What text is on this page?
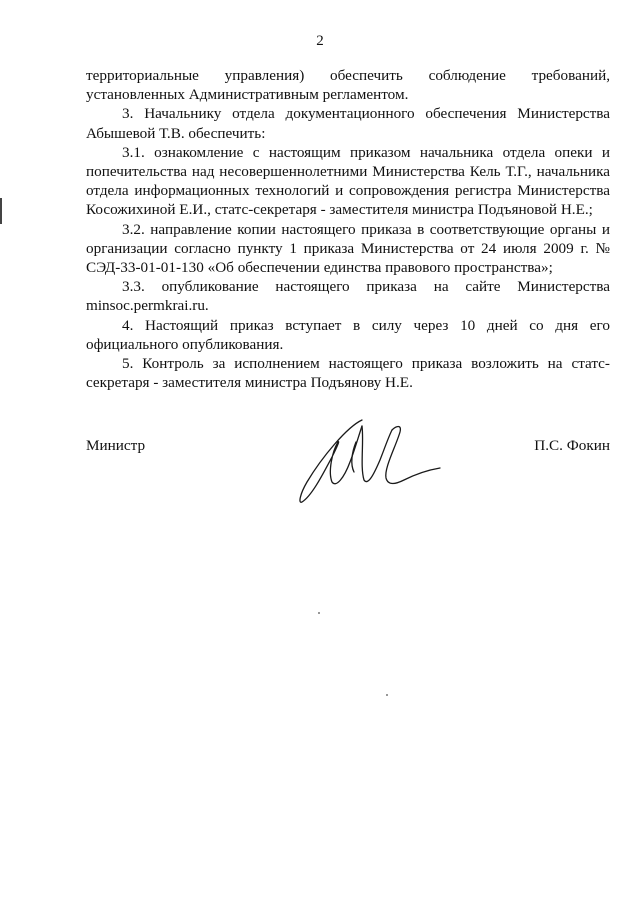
2

территориальные управления) обеспечить соблюдение требований, установленных Административным регламентом.

3. Начальнику отдела документационного обеспечения Министерства Абышевой Т.В. обеспечить:

3.1. ознакомление с настоящим приказом начальника отдела опеки и попечительства над несовершеннолетними Министерства Кель Т.Г., начальника отдела информационных технологий и сопровождения регистра Министерства Косожихиной Е.И., статс-секретаря - заместителя министра Подъяновой Н.Е.;

3.2. направление копии настоящего приказа в соответствующие органы и организации согласно пункту 1 приказа Министерства от 24 июля 2009 г. № СЭД-33-01-01-130 «Об обеспечении единства правового пространства»;

3.3. опубликование настоящего приказа на сайте Министерства minsoc.permkrai.ru.

4. Настоящий приказ вступает в силу через 10 дней со дня его официального опубликования.

5. Контроль за исполнением настоящего приказа возложить на статс-секретаря - заместителя министра Подъянову Н.Е.

Министр	П.С. Фокин
